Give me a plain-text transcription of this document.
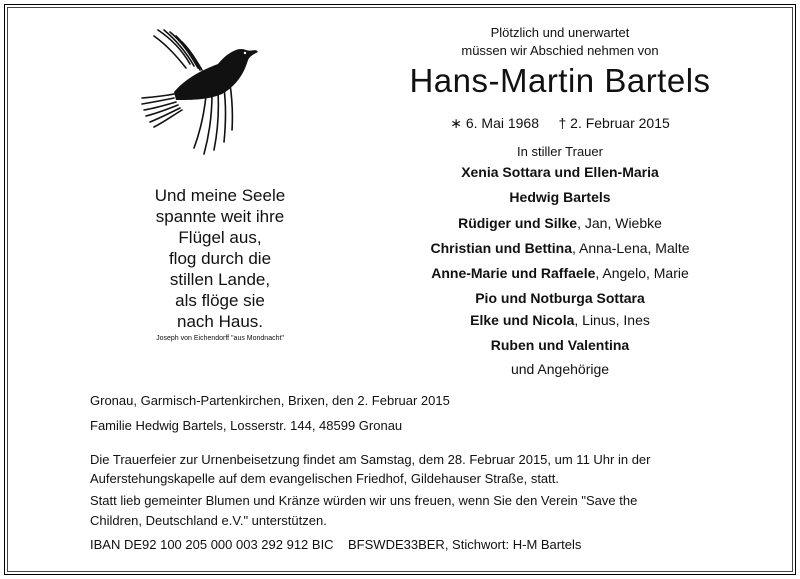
Und meine Seele
spannte weit ihre
Flügel aus,
flog durch die
stillen Lande,
als flöge sie
nach Haus.
Joseph von Eichendorff "aus Mondnacht"
Plötzlich und unerwartet
müssen wir Abschied nehmen von
Hans-Martin Bartels
∗ 6. Mai 1968 † 2. Februar 2015
In stiller Trauer
Xenia Sottara und Ellen-Maria
Hedwig Bartels
Rüdiger und Silke, Jan, Wiebke
Christian und Bettina, Anna-Lena, Malte
Anne-Marie und Raffaele, Angelo, Marie
Pio und Notburga Sottara
Elke und Nicola, Linus, Ines
Ruben und Valentina
und Angehörige
Gronau, Garmisch-Partenkirchen, Brixen, den 2. Februar 2015
Familie Hedwig Bartels, Losserstr. 144, 48599 Gronau
Die Trauerfeier zur Urnenbeisetzung findet am Samstag, dem 28. Februar 2015, um 11 Uhr in der
Auferstehungskapelle auf dem evangelischen Friedhof, Gildehauser Straße, statt.
Statt lieb gemeinter Blumen und Kränze würden wir uns freuen, wenn Sie den Verein "Save the
Children, Deutschland e.V." unterstützen.
IBAN DE92 100 205 000 003 292 912 BIC    BFSWDE33BER, Stichwort: H-M Bartels
